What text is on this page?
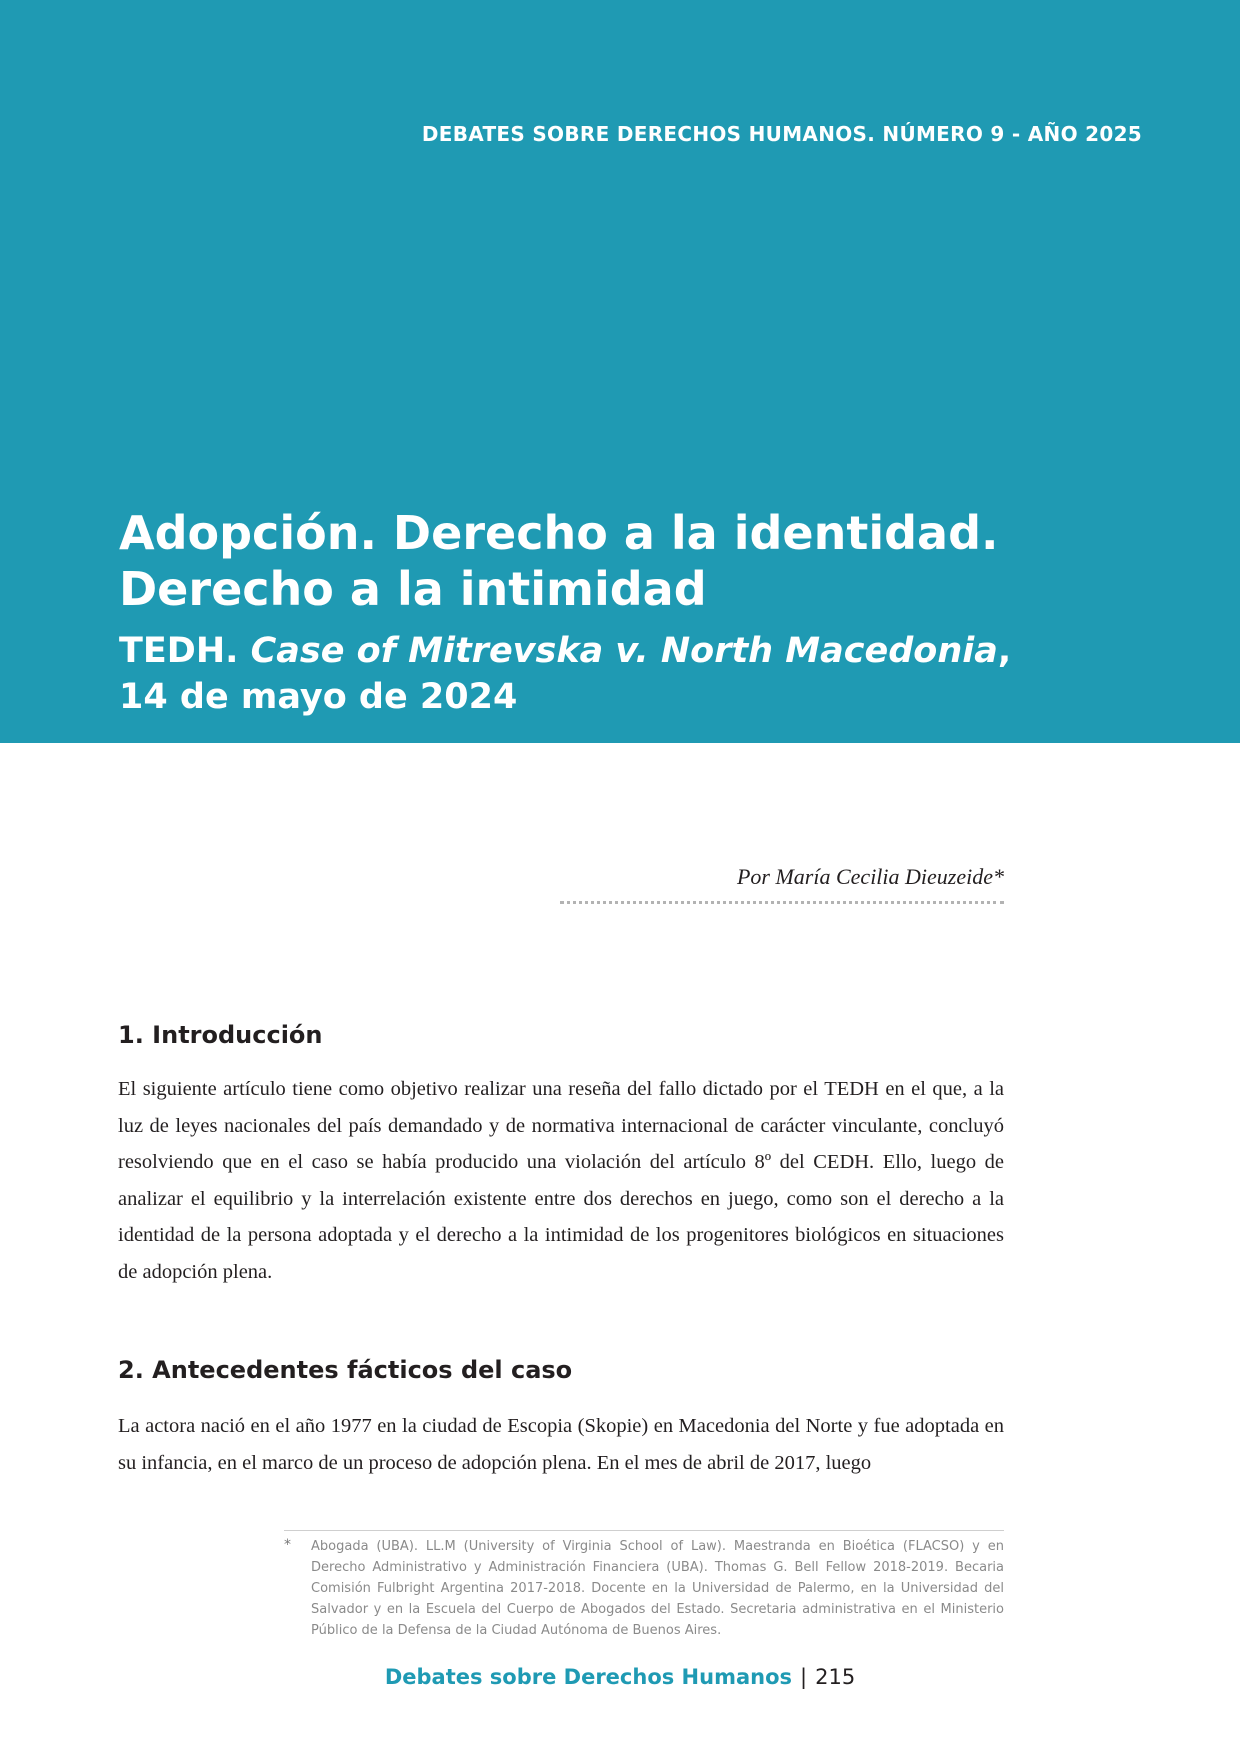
DEBATES SOBRE DERECHOS HUMANOS. NÚMERO 9 - AÑO 2025
Adopción. Derecho a la identidad. Derecho a la intimidad
TEDH. Case of Mitrevska v. North Macedonia,
14 de mayo de 2024
Por María Cecilia Dieuzeide*
1. Introducción

El siguiente artículo tiene como objetivo realizar una reseña del fallo dictado por el TEDH en el que, a la luz de leyes nacionales del país demandado y de normativa internacional de carácter vinculante, concluyó resolviendo que en el caso se había producido una violación del artículo 8º del CEDH. Ello, luego de analizar el equilibrio y la interrelación existente entre dos derechos en juego, como son el derecho a la identidad de la persona adoptada y el derecho a la intimidad de los progenitores biológicos en situaciones de adopción plena.

2. Antecedentes fácticos del caso

La actora nació en el año 1977 en la ciudad de Escopia (Skopie) en Macedonia del Norte y fue adoptada en su infancia, en el marco de un proceso de adopción plena. En el mes de abril de 2017, luego

* Abogada (UBA). LL.M (University of Virginia School of Law). Maestranda en Bioética (FLACSO) y en Derecho Administrativo y Administración Financiera (UBA). Thomas G. Bell Fellow 2018-2019. Becaria Comisión Fulbright Argentina 2017-2018. Docente en la Universidad de Palermo, en la Universidad del Salvador y en la Escuela del Cuerpo de Abogados del Estado. Secretaria administrativa en el Ministerio Público de la Defensa de la Ciudad Autónoma de Buenos Aires.

Debates sobre Derechos Humanos | 215
